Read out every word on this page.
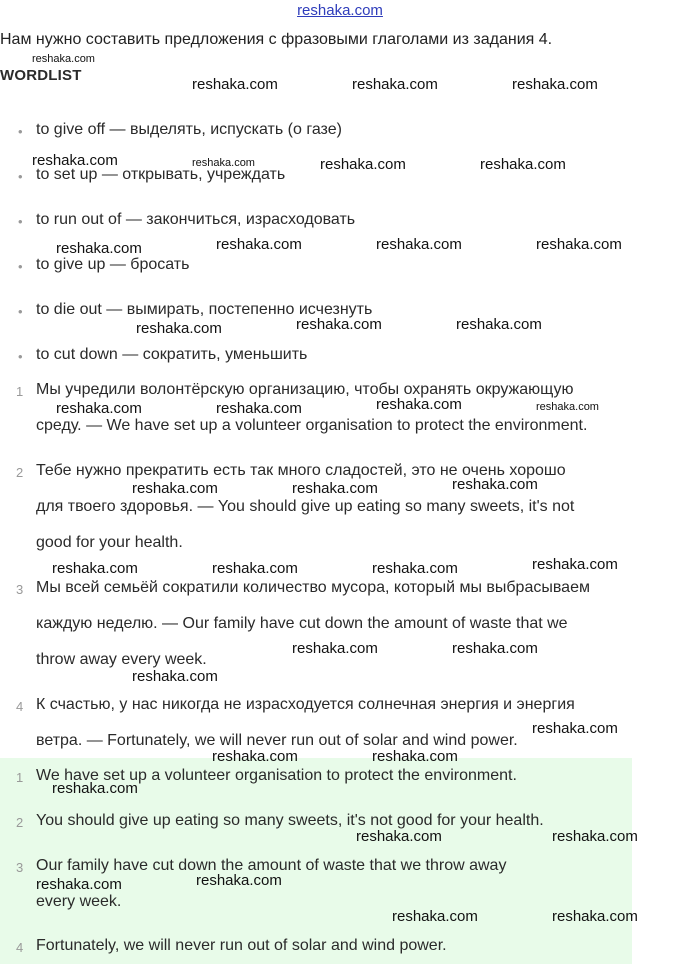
reshaka.com
Нам нужно составить предложения с фразовыми глаголами из задания 4.
WORDLIST
• to give off — выделять, испускать (о газе)
• to set up — открывать, учреждать
• to run out of — закончиться, израсходовать
• to give up — бросать
• to die out — вымирать, постепенно исчезнуть
• to cut down — сократить, уменьшить
1 Мы учредили волонтёрскую организацию, чтобы охранять окружающую
среду. — We have set up a volunteer organisation to protect the environment.
2 Тебе нужно прекратить есть так много сладостей, это не очень хорошо
для твоего здоровья. — You should give up eating so many sweets, it's not
good for your health.
3 Мы всей семьёй сократили количество мусора, который мы выбрасываем
каждую неделю. — Our family have cut down the amount of waste that we
throw away every week.
4 К счастью, у нас никогда не израсходуется солнечная энергия и энергия
ветра. — Fortunately, we will never run out of solar and wind power.
1 We have set up a volunteer organisation to protect the environment.
2 You should give up eating so many sweets, it's not good for your health.
3 Our family have cut down the amount of waste that we throw away
every week.
4 Fortunately, we will never run out of solar and wind power.
reshaka.com
reshaka.com	reshaka.com	reshaka.com
reshaka.com	reshaka.com	reshaka.com	reshaka.com
reshaka.com	reshaka.com	reshaka.com	reshaka.com
reshaka.com	reshaka.com	reshaka.com
reshaka.com	reshaka.com	reshaka.com	reshaka.com
reshaka.com	reshaka.com	reshaka.com
reshaka.com	reshaka.com	reshaka.com	reshaka.com
reshaka.com	reshaka.com
reshaka.com
reshaka.com
reshaka.com	reshaka.com
reshaka.com
reshaka.com	reshaka.com
reshaka.com	reshaka.com
reshaka.com	reshaka.com
